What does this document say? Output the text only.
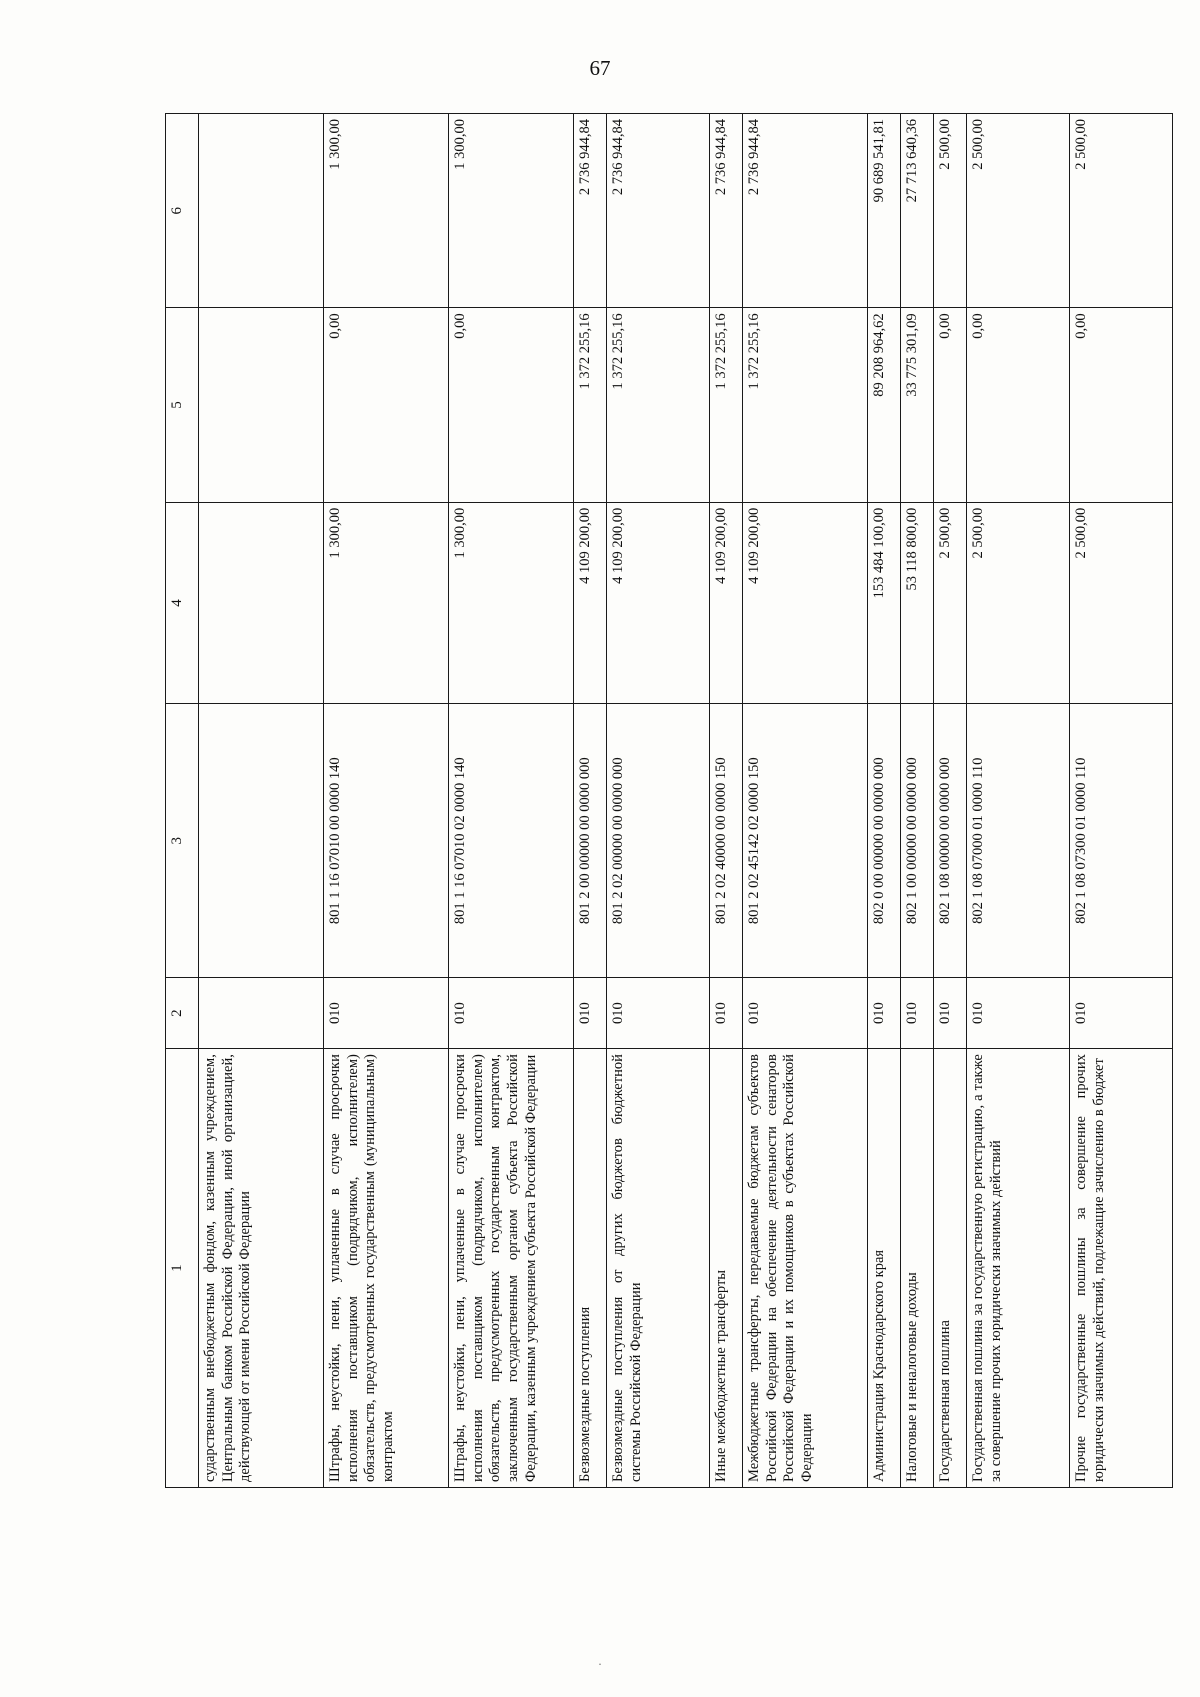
67
1	2	3	4	5	6
сударственным внебюджетным фондом, казенным учреждением, Центральным банком Российской Федерации, иной организацией, действующей от имени Российской Федерации					
Штрафы, неустойки, пени, уплаченные в случае просрочки исполнения поставщиком (подрядчиком, исполнителем) обязательств, предусмотренных государственным (муниципальным) контрактом	010	801 1 16 07010 00 0000 140	1 300,00	0,00	1 300,00
Штрафы, неустойки, пени, уплаченные в случае просрочки исполнения поставщиком (подрядчиком, исполнителем) обязательств, предусмотренных государственным контрактом, заключенным государственным органом субъекта Российской Федерации, казенным учреждением субъекта Российской Федерации	010	801 1 16 07010 02 0000 140	1 300,00	0,00	1 300,00
Безвозмездные поступления	010	801 2 00 00000 00 0000 000	4 109 200,00	1 372 255,16	2 736 944,84
Безвозмездные поступления от других бюджетов бюджетной системы Российской Федерации	010	801 2 02 00000 00 0000 000	4 109 200,00	1 372 255,16	2 736 944,84
Иные межбюджетные трансферты	010	801 2 02 40000 00 0000 150	4 109 200,00	1 372 255,16	2 736 944,84
Межбюджетные трансферты, передаваемые бюджетам субъектов Российской Федерации на обеспечение деятельности сенаторов Российской Федерации и их помощников в субъектах Российской Федерации	010	801 2 02 45142 02 0000 150	4 109 200,00	1 372 255,16	2 736 944,84
Администрация Краснодарского края	010	802 0 00 00000 00 0000 000	153 484 100,00	89 208 964,62	90 689 541,81
Налоговые и неналоговые доходы	010	802 1 00 00000 00 0000 000	53 118 800,00	33 775 301,09	27 713 640,36
Государственная пошлина	010	802 1 08 00000 00 0000 000	2 500,00	0,00	2 500,00
Государственная пошлина за государственную регистрацию, а также за совершение прочих юридически значимых действий	010	802 1 08 07000 01 0000 110	2 500,00	0,00	2 500,00
Прочие государственные пошлины за совершение прочих юридически значимых действий, подлежащие зачислению в бюджет	010	802 1 08 07300 01 0000 110	2 500,00	0,00	2 500,00
.
